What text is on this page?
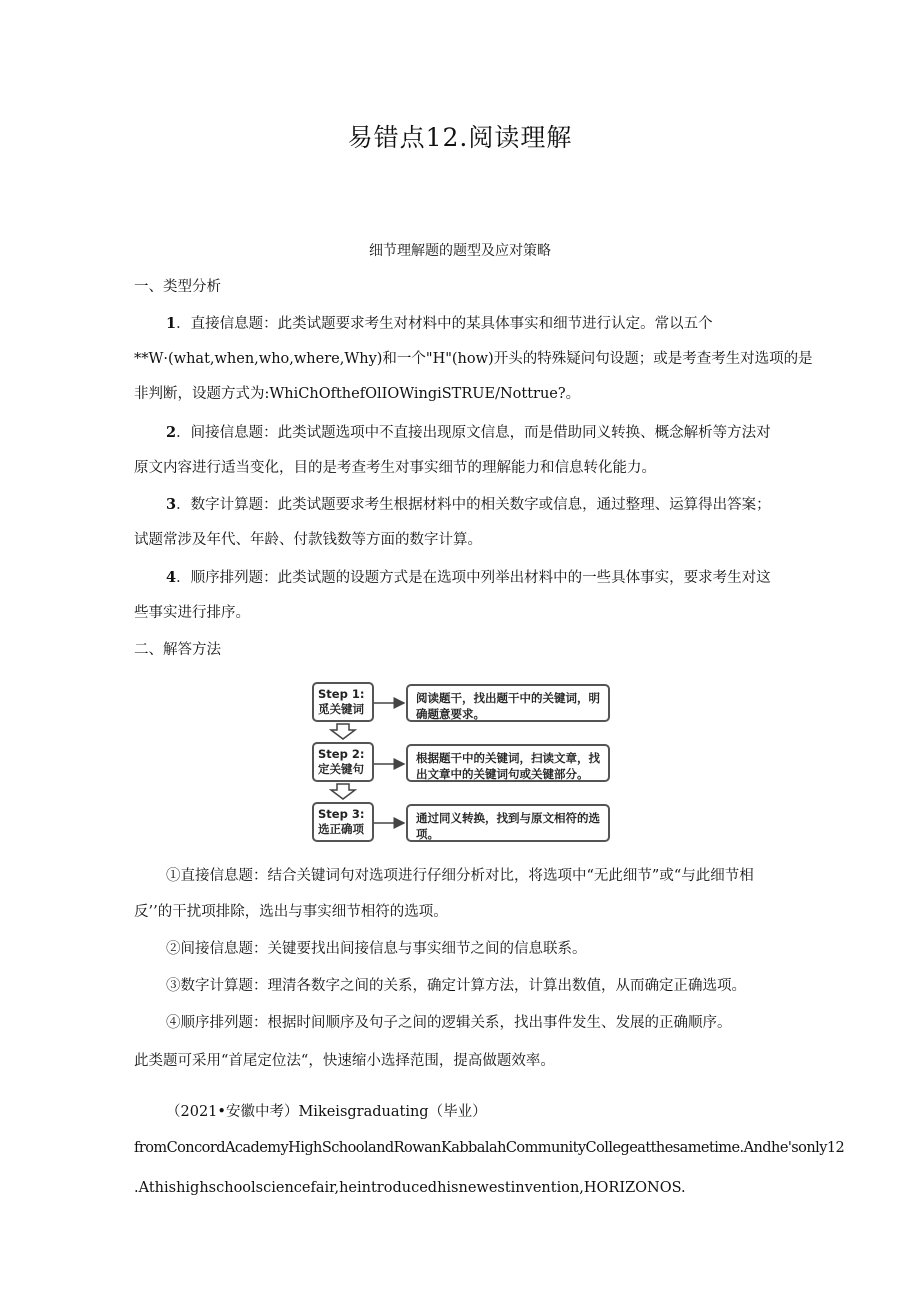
易错点12.阅读理解
细节理解题的题型及应对策略
一、类型分析
1．直接信息题：此类试题要求考生对材料中的某具体事实和细节进行认定。常以五个
**W·(what,when,who,where,Why)和一个"H"(how)开头的特殊疑问句设题；或是考查考生对选项的是
非判断，设题方式为:WhiChOfthefOlIOWingiSTRUE/Nottrue?。
2．间接信息题：此类试题选项中不直接出现原文信息，而是借助同义转换、概念解析等方法对
原文内容进行适当变化，目的是考查考生对事实细节的理解能力和信息转化能力。
3．数字计算题：此类试题要求考生根据材料中的相关数字或信息，通过整理、运算得出答案；
试题常涉及年代、年龄、付款钱数等方面的数字计算。
4．顺序排列题：此类试题的设题方式是在选项中列举出材料中的一些具体事实，要求考生对这
些事实进行排序。
二、解答方法
Step 1: 觅关键词
阅读题干，找出题干中的关键词，明确题意要求。
Step 2: 定关键句
根据题干中的关键词，扫读文章，找出文章中的关键词句或关键部分。
Step 3: 选正确项
通过同义转换，找到与原文相符的选项。
①直接信息题：结合关键词句对选项进行仔细分析对比，将选项中“无此细节”或“与此细节相
反’’的干扰项排除，选出与事实细节相符的选项。
②间接信息题：关键要找出间接信息与事实细节之间的信息联系。
③数字计算题：理清各数字之间的关系，确定计算方法，计算出数值，从而确定正确选项。
④顺序排列题：根据时间顺序及句子之间的逻辑关系，找出事件发生、发展的正确顺序。
此类题可采用“首尾定位法“，快速缩小选择范围，提高做题效率。
（2021•安徽中考）Mikeisgraduating（毕业）
fromConcordAcademyHighSchoolandRowanKabbalahCommunityCollegeatthesametime.Andhe'sonly12
.Athishighschoolsciencefair,heintroducedhisnewestinvention,HORIZONOS.
